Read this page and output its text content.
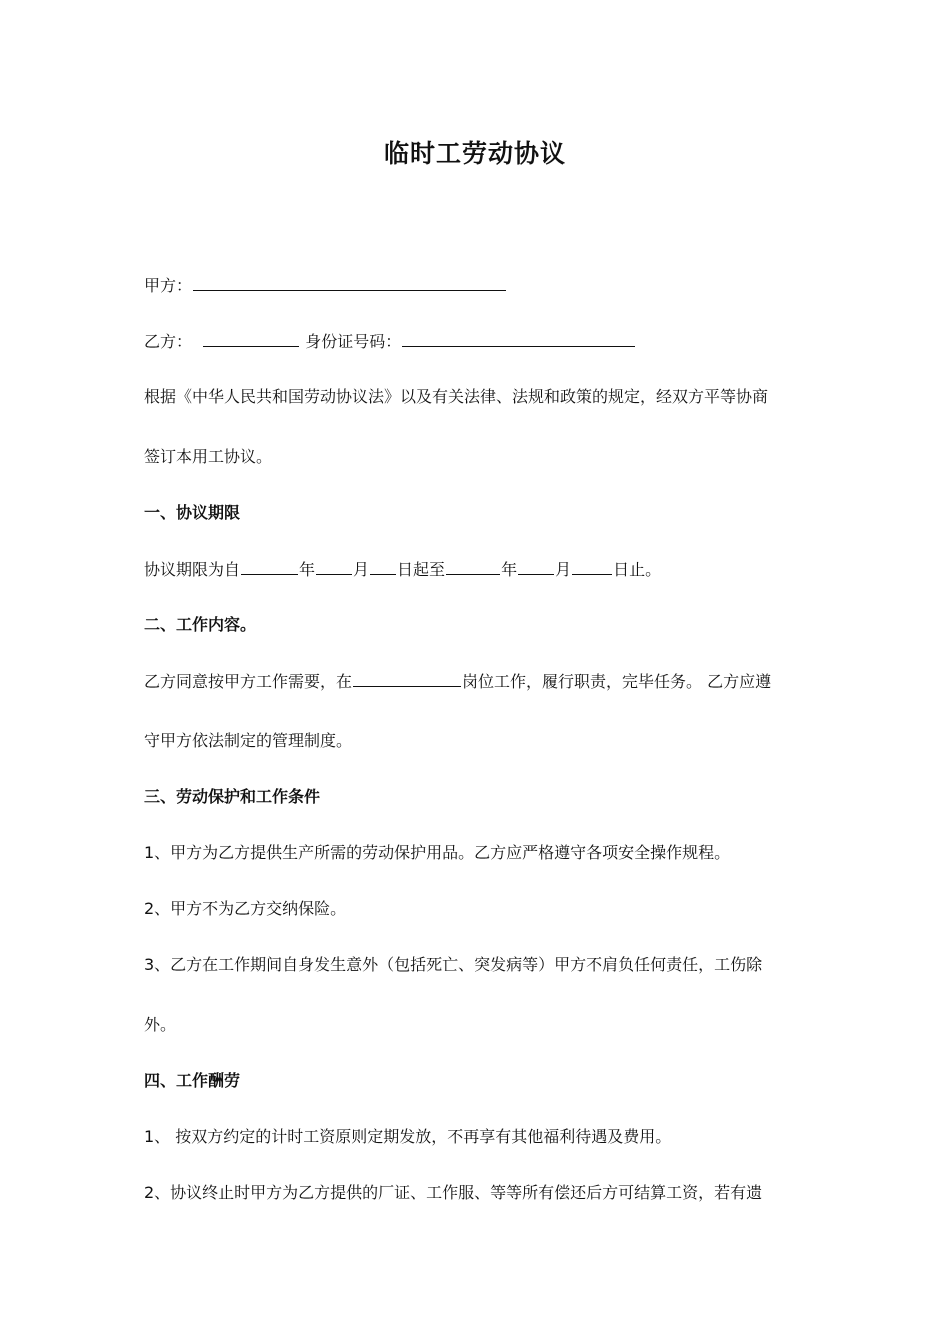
临时工劳动协议
甲方：
乙方：	身份证号码：
根据《中华人民共和国劳动协议法》以及有关法律、法规和政策的规定，经双方平等协商
签订本用工协议。
一、协议期限
协议期限为自	年 月 日起至	年 月	日止。
二、工作内容。
乙方同意按甲方工作需要，在	岗位工作，履行职责，完毕任务。 乙方应遵
守甲方依法制定的管理制度。
三、劳动保护和工作条件
1、甲方为乙方提供生产所需的劳动保护用品。乙方应严格遵守各项安全操作规程。
2、甲方不为乙方交纳保险。
3、乙方在工作期间自身发生意外（包括死亡、突发病等）甲方不肩负任何责任，工伤除
外。
四、工作酬劳
1、 按双方约定的计时工资原则定期发放，不再享有其他福利待遇及费用。
2、协议终止时甲方为乙方提供的厂证、工作服、等等所有偿还后方可结算工资，若有遗
